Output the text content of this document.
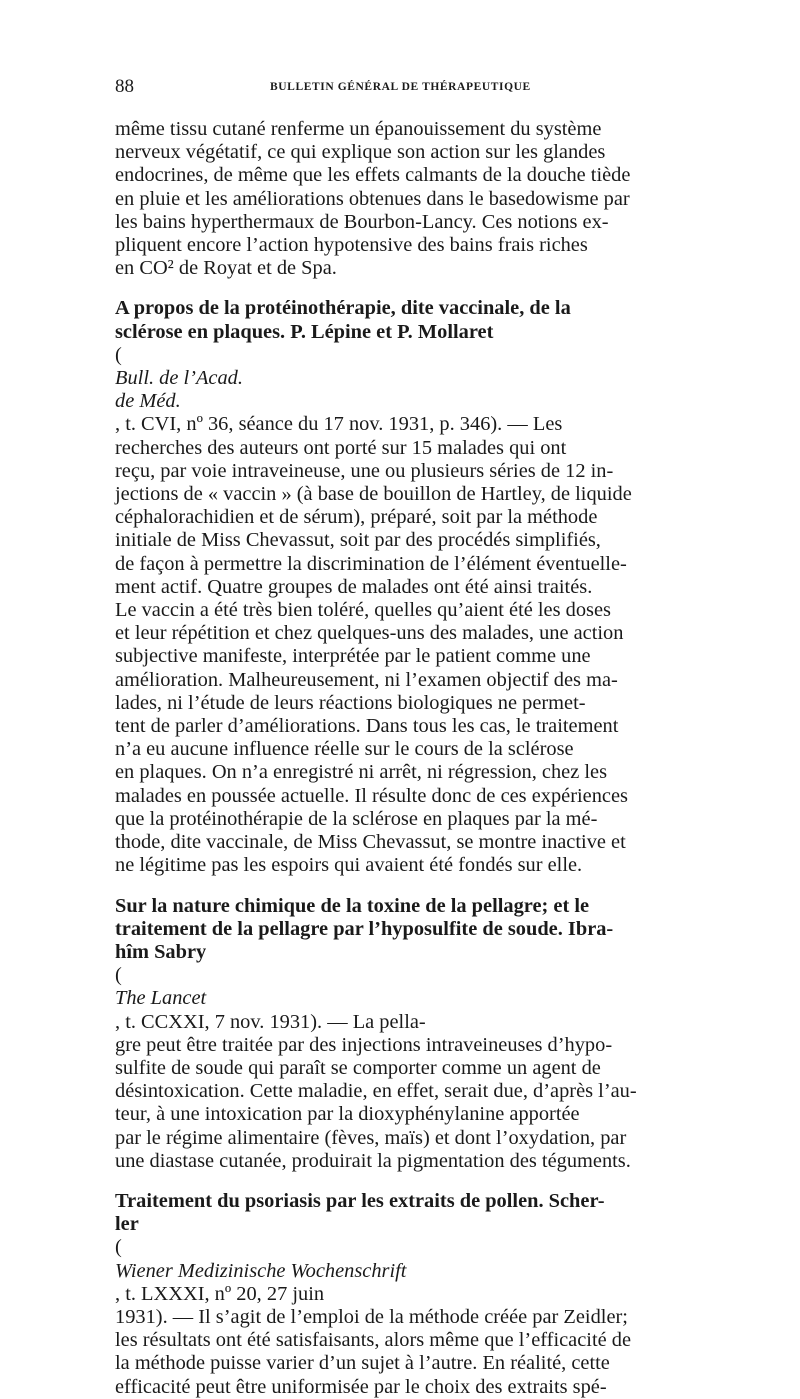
88	BULLETIN GÉNÉRAL DE THÉRAPEUTIQUE

même tissu cutané renferme un épanouissement du système
nerveux végétatif, ce qui explique son action sur les glandes
endocrines, de même que les effets calmants de la douche tiède
en pluie et les améliorations obtenues dans le basedowisme par
les bains hyperthermaux de Bourbon-Lancy. Ces notions ex-
pliquent encore l’action hypotensive des bains frais riches
en CO² de Royat et de Spa.

A propos de la protéinothérapie, dite vaccinale, de la
sclérose en plaques. P. Lépine et P. Mollaret
(
Bull. de l’Acad.
de Méd.
, t. CVI, nº 36, séance du 17 nov. 1931, p. 346). — Les
recherches des auteurs ont porté sur 15 malades qui ont
reçu, par voie intraveineuse, une ou plusieurs séries de 12 in-
jections de « vaccin » (à base de bouillon de Hartley, de liquide
céphalorachidien et de sérum), préparé, soit par la méthode
initiale de Miss Chevassut, soit par des procédés simplifiés,
de façon à permettre la discrimination de l’élément éventuelle-
ment actif. Quatre groupes de malades ont été ainsi traités.
Le vaccin a été très bien toléré, quelles qu’aient été les doses
et leur répétition et chez quelques-uns des malades, une action
subjective manifeste, interprétée par le patient comme une
amélioration. Malheureusement, ni l’examen objectif des ma-
lades, ni l’étude de leurs réactions biologiques ne permet-
tent de parler d’améliorations. Dans tous les cas, le traitement
n’a eu aucune influence réelle sur le cours de la sclérose
en plaques. On n’a enregistré ni arrêt, ni régression, chez les
malades en poussée actuelle. Il résulte donc de ces expériences
que la protéinothérapie de la sclérose en plaques par la mé-
thode, dite vaccinale, de Miss Chevassut, se montre inactive et
ne légitime pas les espoirs qui avaient été fondés sur elle.

Sur la nature chimique de la toxine de la pellagre; et le
traitement de la pellagre par l’hyposulfite de soude. Ibra-
hîm Sabry
(
The Lancet
, t. CCXXI, 7 nov. 1931). — La pella-
gre peut être traitée par des injections intraveineuses d’hypo-
sulfite de soude qui paraît se comporter comme un agent de
désintoxication. Cette maladie, en effet, serait due, d’après l’au-
teur, à une intoxication par la dioxyphénylanine apportée
par le régime alimentaire (fèves, maïs) et dont l’oxydation, par
une diastase cutanée, produirait la pigmentation des téguments.

Traitement du psoriasis par les extraits de pollen. Scher-
ler
(
Wiener Medizinische Wochenschrift
, t. LXXXI, nº 20, 27 juin
1931). — Il s’agit de l’emploi de la méthode créée par Zeidler;
les résultats ont été satisfaisants, alors même que l’efficacité de
la méthode puisse varier d’un sujet à l’autre. En réalité, cette
efficacité peut être uniformisée par le choix des extraits spé-
